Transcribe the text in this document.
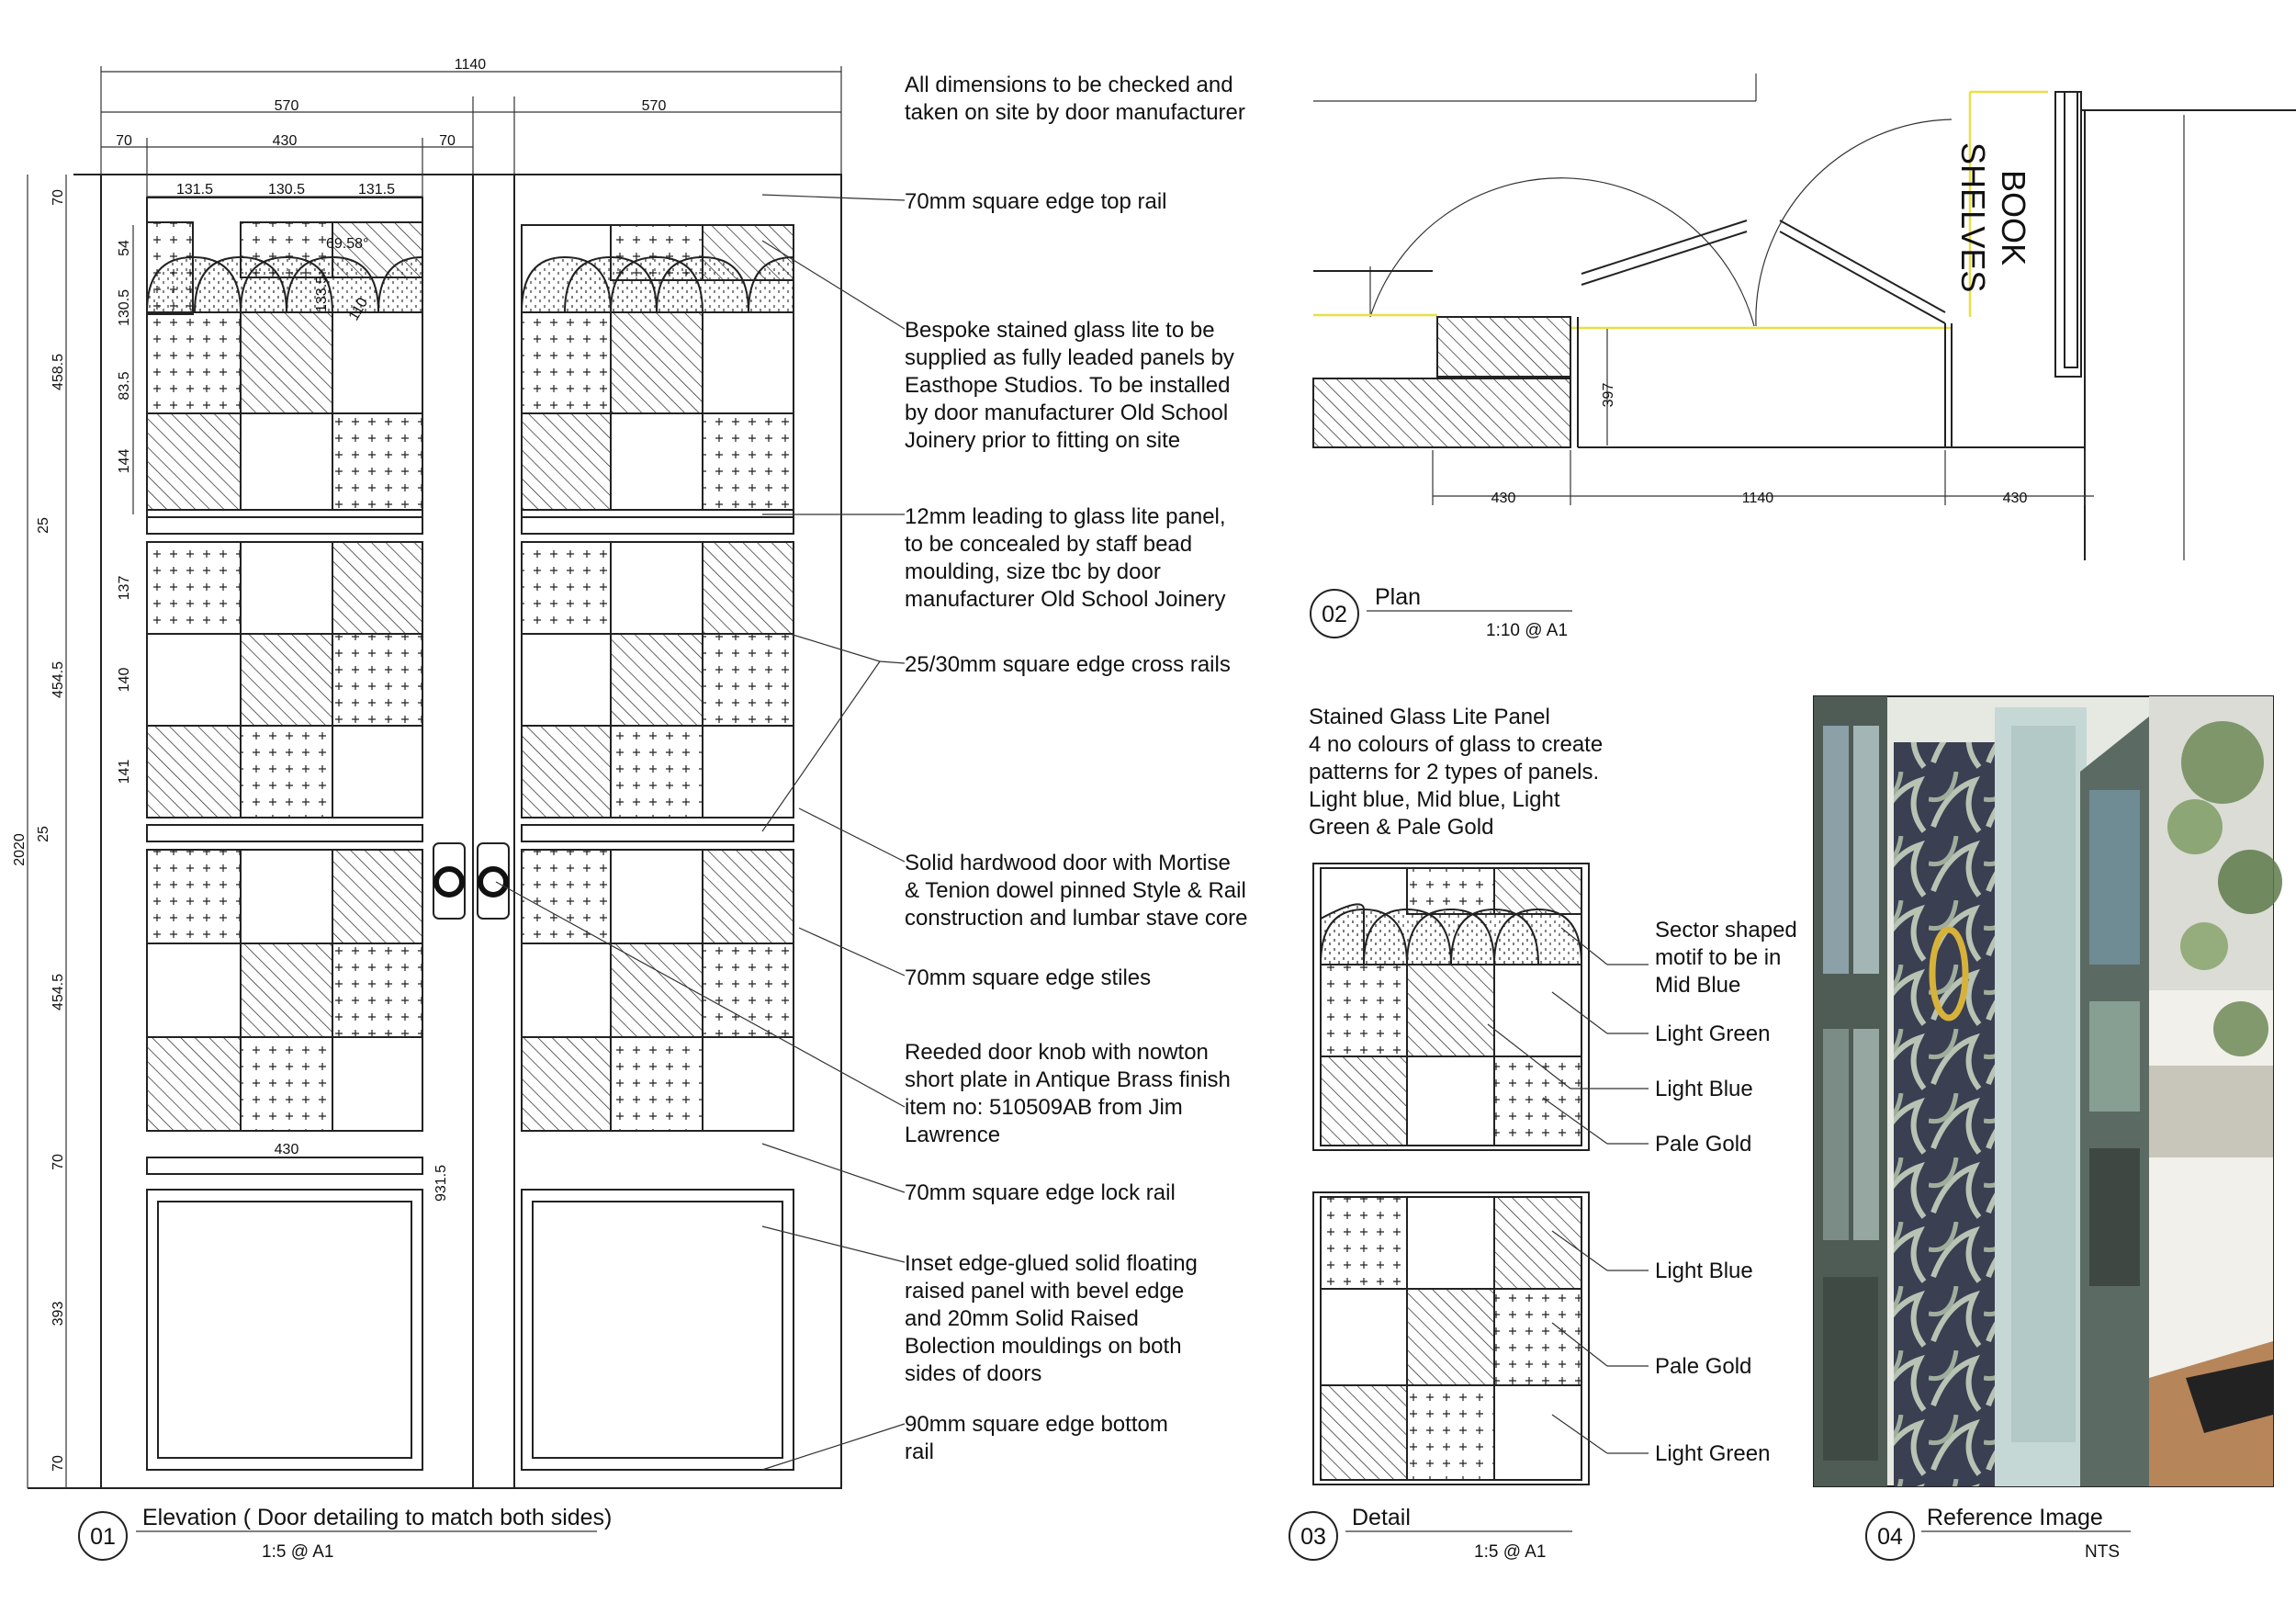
1140
570	570
70	430	70
131.5	130.5	131.5
69.58°
133.5 110
2020
70
458.5
54
130.5
83.5
144
25
454.5
137
140
141
25
454.5
70
393
70
430
931.5
All dimensions to be checked and taken on site by door manufacturer
70mm square edge top rail
Bespoke stained glass lite to be supplied as fully leaded panels by Easthope Studios. To be installed by door manufacturer Old School Joinery prior to fitting on site
12mm leading to glass lite panel, to be concealed by staff bead moulding, size tbc by door manufacturer Old School Joinery
25/30mm square edge cross rails
Solid hardwood door with Mortise & Tenion dowel pinned Style & Rail construction and lumbar stave core
70mm square edge stiles
Reeded door knob with nowton short plate in Antique Brass finish item no: 510509AB from Jim Lawrence
70mm square edge lock rail
Inset edge-glued solid floating raised panel with bevel edge and 20mm Solid Raised Bolection mouldings on both sides of doors
90mm square edge bottom rail
01
Elevation ( Door detailing to match both sides)
1:5 @ A1
BOOK
SHELVES
430	1140	430
397
02
Plan
1:10 @ A1
Stained Glass Lite Panel 4 no colours of glass to create patterns for 2 types of panels. Light blue, Mid blue, Light Green & Pale Gold
Sector shaped motif to be in Mid Blue
Light Green
Light Blue
Pale Gold
Light Blue
Pale Gold
Light Green
03
Detail
1:5 @ A1
04
Reference Image
NTS
